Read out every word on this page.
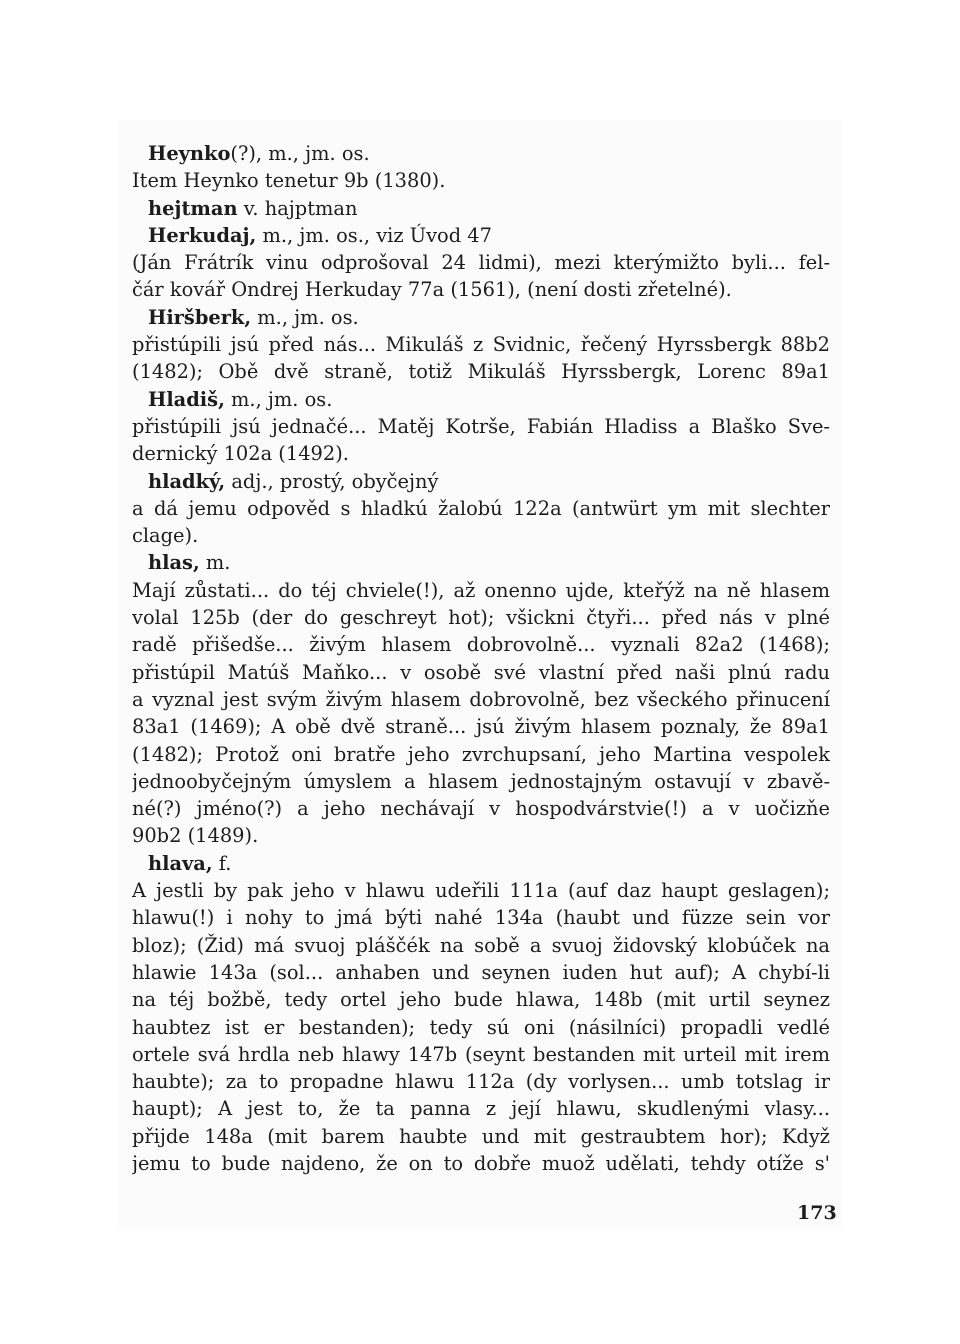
Heynko(?), m., jm. os.
Item Heynko tenetur 9b (1380).
hejtman v. hajptman
Herkudaj, m., jm. os., viz Úvod 47
(Ján Frátrík vinu odprošoval 24 lidmi), mezi kterýmižto byli... fel-
čár kovář Ondrej Herkuday 77a (1561), (není dosti zřetelné).
Hiršberk, m., jm. os.
přistúpili jsú před nás... Mikuláš z Svidnic, řečený Hyrssbergk 88b2
(1482); Obě dvě straně, totiž Mikuláš Hyrssbergk, Lorenc 89a1
Hladiš, m., jm. os.
přistúpili jsú jednačé... Matěj Kotrše, Fabián Hladiss a Blaško Sve-
dernický 102a (1492).
hladký, adj., prostý, obyčejný
a dá jemu odpověd s hladkú žalobú 122a (antwürt ym mit slechter
clage).
hlas, m.
Mají zůstati... do téj chviele(!), až onenno ujde, kteřýž na ně hlasem
volal 125b (der do geschreyt hot); všickni čtyři... před nás v plné
radě přišedše... živým hlasem dobrovolně... vyznali 82a2 (1468);
přistúpil Matúš Maňko... v osobě své vlastní před naši plnú radu
a vyznal jest svým živým hlasem dobrovolně, bez všeckého přinucení
83a1 (1469); A obě dvě straně... jsú živým hlasem poznaly, že 89a1
(1482); Protož oni bratře jeho zvrchupsaní, jeho Martina vespolek
jednoobyčejným úmyslem a hlasem jednostajným ostavují v zbavě-
né(?) jméno(?) a jeho nechávají v hospodvárstvie(!) a v uočizňe
90b2 (1489).
hlava, f.
A jestli by pak jeho v hlawu udeřili 111a (auf daz haupt geslagen);
hlawu(!) i nohy to jmá býti nahé 134a (haubt und füzze sein vor
bloz); (Žid) má svuoj pláščék na sobě a svuoj židovský klobúček na
hlawie 143a (sol... anhaben und seynen iuden hut auf); A chybí-li
na téj božbě, tedy ortel jeho bude hlawa, 148b (mit urtil seynez
haubtez ist er bestanden); tedy sú oni (násilníci) propadli vedlé
ortele svá hrdla neb hlawy 147b (seynt bestanden mit urteil mit irem
haubte); za to propadne hlawu 112a (dy vorlysen... umb totslag ir
haupt); A jest to, že ta panna z její hlawu, skudlenými vlasy...
přijde 148a (mit barem haubte und mit gestraubtem hor); Když
jemu to bude najdeno, že on to dobře muož udělati, tehdy otíže s'
173
